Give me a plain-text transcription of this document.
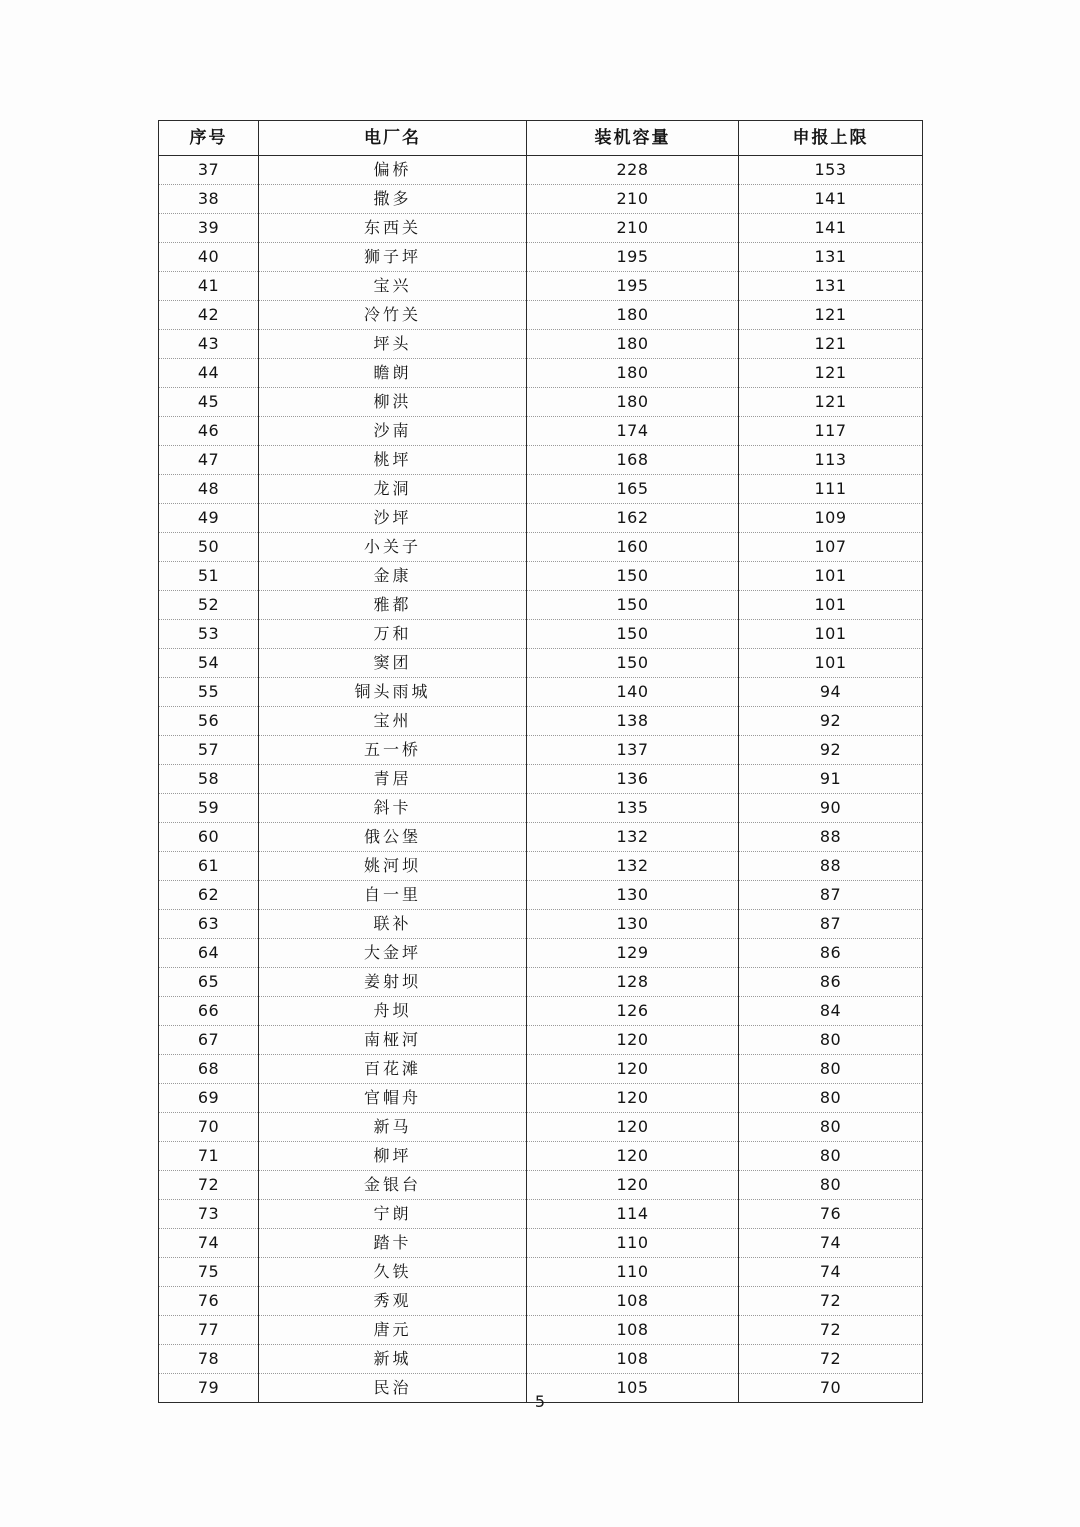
序号	电厂名	装机容量	申报上限
37	偏桥	228	153
38	撒多	210	141
39	东西关	210	141
40	狮子坪	195	131
41	宝兴	195	131
42	冷竹关	180	121
43	坪头	180	121
44	瞻朗	180	121
45	柳洪	180	121
46	沙南	174	117
47	桃坪	168	113
48	龙洞	165	111
49	沙坪	162	109
50	小关子	160	107
51	金康	150	101
52	雅都	150	101
53	万和	150	101
54	窦团	150	101
55	铜头雨城	140	94
56	宝州	138	92
57	五一桥	137	92
58	青居	136	91
59	斜卡	135	90
60	俄公堡	132	88
61	姚河坝	132	88
62	自一里	130	87
63	联补	130	87
64	大金坪	129	86
65	姜射坝	128	86
66	舟坝	126	84
67	南桠河	120	80
68	百花滩	120	80
69	官帽舟	120	80
70	新马	120	80
71	柳坪	120	80
72	金银台	120	80
73	宁朗	114	76
74	踏卡	110	74
75	久铁	110	74
76	秀观	108	72
77	唐元	108	72
78	新城	108	72
79	民治	105	70
5
